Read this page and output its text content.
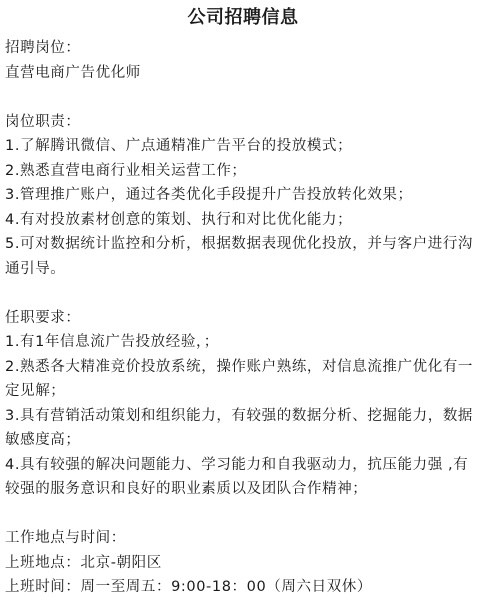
公司招聘信息
招聘岗位：
直营电商广告优化师
岗位职责：
1.了解腾讯微信、广点通精准广告平台的投放模式；
2.熟悉直营电商行业相关运营工作；
3.管理推广账户，通过各类优化手段提升广告投放转化效果；
4.有对投放素材创意的策划、执行和对比优化能力；
5.可对数据统计监控和分析，根据数据表现优化投放，并与客户进行沟通引导。
任职要求：
1.有1年信息流广告投放经验，；
2.熟悉各大精准竞价投放系统，操作账户熟练，对信息流推广优化有一定见解；
3.具有营销活动策划和组织能力，有较强的数据分析、挖掘能力，数据敏感度高；
4.具有较强的解决问题能力、学习能力和自我驱动力，抗压能力强 ,有较强的服务意识和良好的职业素质以及团队合作精神；
工作地点与时间：
上班地点：北京-朝阳区
上班时间：周一至周五：9:00-18：00（周六日双休）
